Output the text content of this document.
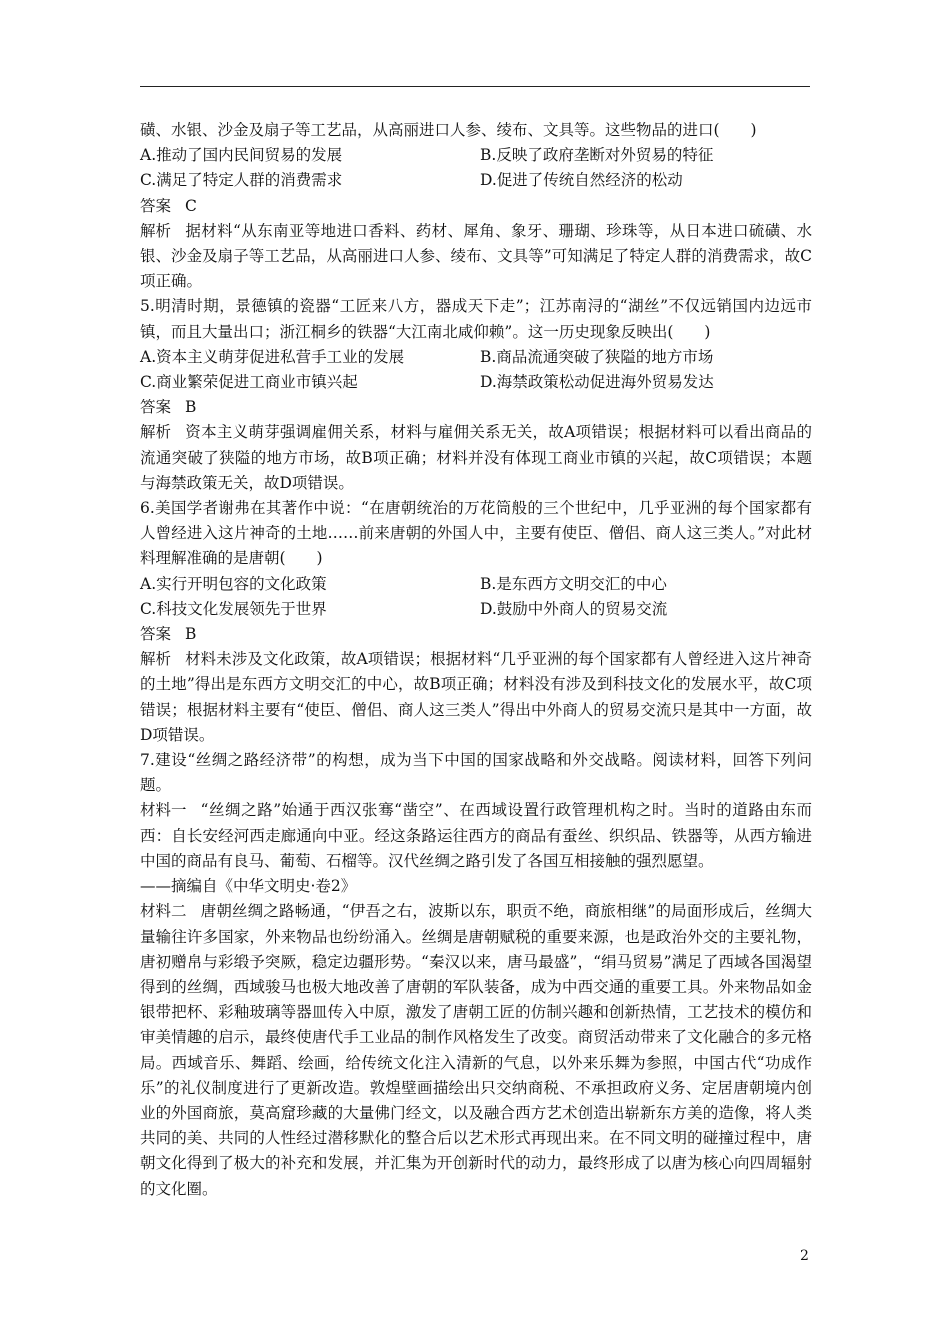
磺、水银、沙金及扇子等工艺品，从高丽进口人参、绫布、文具等。这些物品的进口(　　)

A.推动了国内民间贸易的发展	B.反映了政府垄断对外贸易的特征
C.满足了特定人群的消费需求	D.促进了传统自然经济的松动

答案 C

解析 据材料“从东南亚等地进口香料、药材、犀角、象牙、珊瑚、珍珠等，从日本进口硫磺、水银、沙金及扇子等工艺品，从高丽进口人参、绫布、文具等”可知满足了特定人群的消费需求，故C项正确。

5.明清时期，景德镇的瓷器“工匠来八方，器成天下走”；江苏南浔的“湖丝”不仅远销国内边远市镇，而且大量出口；浙江桐乡的铁器“大江南北咸仰赖”。这一历史现象反映出(　　)

A.资本主义萌芽促进私营手工业的发展	B.商品流通突破了狭隘的地方市场
C.商业繁荣促进工商业市镇兴起	D.海禁政策松动促进海外贸易发达

答案 B

解析 资本主义萌芽强调雇佣关系，材料与雇佣关系无关，故A项错误；根据材料可以看出商品的流通突破了狭隘的地方市场，故B项正确；材料并没有体现工商业市镇的兴起，故C项错误；本题与海禁政策无关，故D项错误。

6.美国学者谢弗在其著作中说：“在唐朝统治的万花筒般的三个世纪中，几乎亚洲的每个国家都有人曾经进入这片神奇的土地……前来唐朝的外国人中，主要有使臣、僧侣、商人这三类人。”对此材料理解准确的是唐朝(　　)

A.实行开明包容的文化政策	B.是东西方文明交汇的中心
C.科技文化发展领先于世界	D.鼓励中外商人的贸易交流

答案 B

解析 材料未涉及文化政策，故A项错误；根据材料“几乎亚洲的每个国家都有人曾经进入这片神奇的土地”得出是东西方文明交汇的中心，故B项正确；材料没有涉及到科技文化的发展水平，故C项错误；根据材料主要有“使臣、僧侣、商人这三类人”得出中外商人的贸易交流只是其中一方面，故D项错误。

7.建设“丝绸之路经济带”的构想，成为当下中国的国家战略和外交战略。阅读材料，回答下列问题。

材料一 “丝绸之路”始通于西汉张骞“凿空”、在西域设置行政管理机构之时。当时的道路由东而西：自长安经河西走廊通向中亚。经这条路运往西方的商品有蚕丝、织织品、铁器等，从西方输进中国的商品有良马、葡萄、石榴等。汉代丝绸之路引发了各国互相接触的强烈愿望。

——摘编自《中华文明史·卷2》

材料二 唐朝丝绸之路畅通，“伊吾之右，波斯以东，职贡不绝，商旅相继”的局面形成后，丝绸大量输往许多国家，外来物品也纷纷涌入。丝绸是唐朝赋税的重要来源，也是政治外交的主要礼物，唐初赠帛与彩缎予突厥，稳定边疆形势。“秦汉以来，唐马最盛”，“绢马贸易”满足了西域各国渴望得到的丝绸，西域骏马也极大地改善了唐朝的军队装备，成为中西交通的重要工具。外来物品如金银带把杯、彩釉玻璃等器皿传入中原，激发了唐朝工匠的仿制兴趣和创新热情，工艺技术的模仿和审美情趣的启示，最终使唐代手工业品的制作风格发生了改变。商贸活动带来了文化融合的多元格局。西域音乐、舞蹈、绘画，给传统文化注入清新的气息，以外来乐舞为参照，中国古代“功成作乐”的礼仪制度进行了更新改造。敦煌壁画描绘出只交纳商税、不承担政府义务、定居唐朝境内创业的外国商旅，莫高窟珍藏的大量佛门经文，以及融合西方艺术创造出崭新东方美的造像，将人类共同的美、共同的人性经过潜移默化的整合后以艺术形式再现出来。在不同文明的碰撞过程中，唐朝文化得到了极大的补充和发展，并汇集为开创新时代的动力，最终形成了以唐为核心向四周辐射的文化圈。

2
